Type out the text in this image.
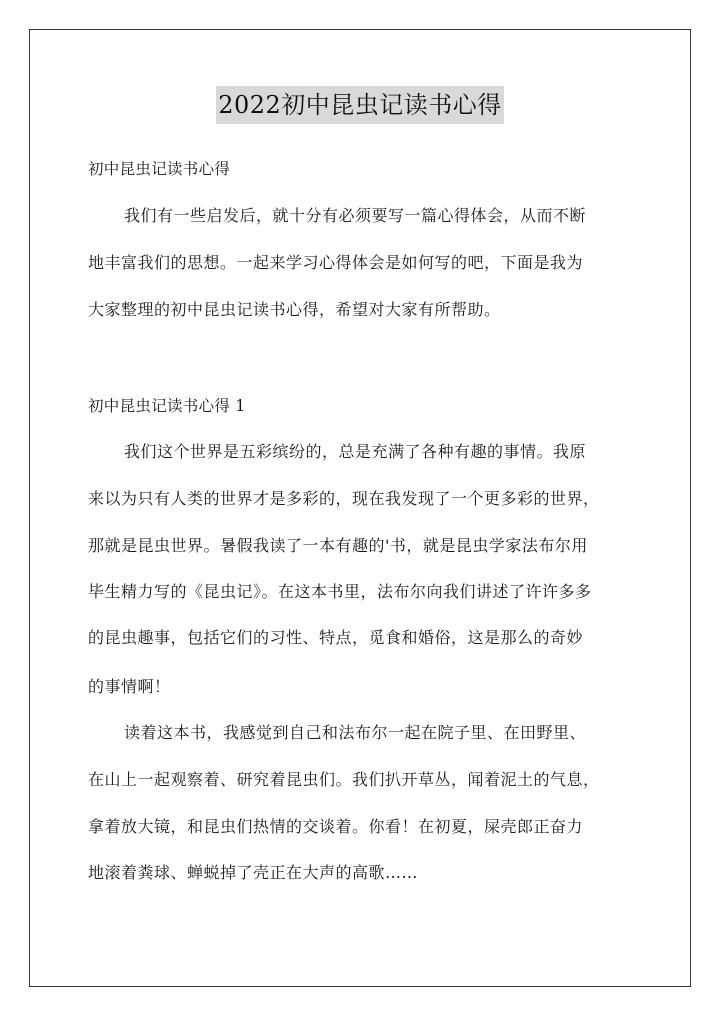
2022初中昆虫记读书心得
初中昆虫记读书心得
我们有一些启发后，就十分有必须要写一篇心得体会，从而不断
地丰富我们的思想。一起来学习心得体会是如何写的吧，下面是我为
大家整理的初中昆虫记读书心得，希望对大家有所帮助。
初中昆虫记读书心得 1
我们这个世界是五彩缤纷的，总是充满了各种有趣的事情。我原
来以为只有人类的世界才是多彩的，现在我发现了一个更多彩的世界，
那就是昆虫世界。暑假我读了一本有趣的'书，就是昆虫学家法布尔用
毕生精力写的《昆虫记》。在这本书里，法布尔向我们讲述了许许多多
的昆虫趣事，包括它们的习性、特点，觅食和婚俗，这是那么的奇妙
的事情啊！
读着这本书，我感觉到自己和法布尔一起在院子里、在田野里、
在山上一起观察着、研究着昆虫们。我们扒开草丛，闻着泥土的气息，
拿着放大镜，和昆虫们热情的交谈着。你看！在初夏，屎壳郎正奋力
地滚着粪球、蝉蜕掉了壳正在大声的高歌……
